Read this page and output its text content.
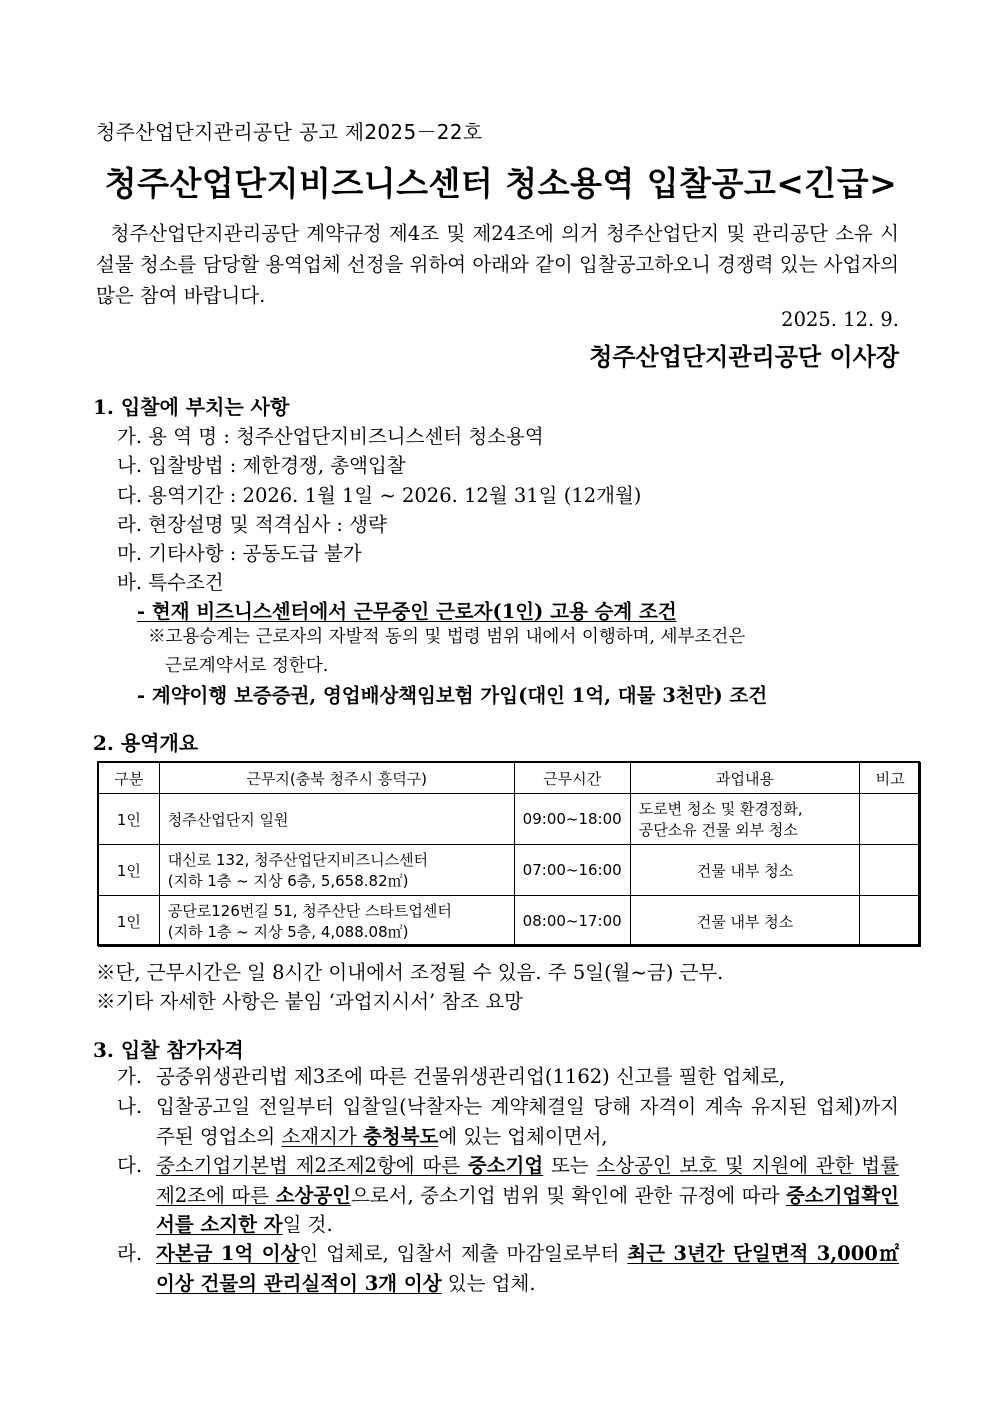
청주산업단지관리공단 공고 제2025－22호
청주산업단지비즈니스센터 청소용역 입찰공고<긴급>
청주산업단지관리공단 계약규정 제4조 및 제24조에 의거 청주산업단지 및 관리공단 소유 시설물 청소를 담당할 용역업체 선정을 위하여 아래와 같이 입찰공고하오니 경쟁력 있는 사업자의 많은 참여 바랍니다.
2025. 12. 9.
청주산업단지관리공단 이사장
1. 입찰에 부치는 사항
가. 용 역 명 : 청주산업단지비즈니스센터 청소용역
나. 입찰방법 : 제한경쟁, 총액입찰
다. 용역기간 : 2026. 1월 1일 ~ 2026. 12월 31일 (12개월)
라. 현장설명 및 적격심사 : 생략
마. 기타사항 : 공동도급 불가
바. 특수조건
- 현재 비즈니스센터에서 근무중인 근로자(1인) 고용 승계 조건
※고용승계는 근로자의 자발적 동의 및 법령 범위 내에서 이행하며, 세부조건은
근로계약서로 정한다.
- 계약이행 보증증권, 영업배상책임보험 가입(대인 1억, 대물 3천만) 조건
2. 용역개요
구분	근무지(충북 청주시 흥덕구)	근무시간	과업내용	비고
1인	청주산업단지 일원	09:00~18:00	도로변 청소 및 환경정화,
공단소유 건물 외부 청소	

1인	대신로 132, 청주산업단지비즈니스센터
(지하 1층 ~ 지상 6층, 5,658.82㎡)	07:00~16:00	건물 내부 청소	
1인	공단로126번길 51, 청주산단 스타트업센터
(지하 1층 ~ 지상 5층, 4,088.08㎡)	08:00~17:00	건물 내부 청소	
※단, 근무시간은 일 8시간 이내에서 조정될 수 있음. 주 5일(월~금) 근무.
※기타 자세한 사항은 붙임 ‘과업지시서’ 참조 요망
3. 입찰 참가자격
가. 공중위생관리법 제3조에 따른 건물위생관리업(1162) 신고를 필한 업체로,
나. 입찰공고일 전일부터 입찰일(낙찰자는 계약체결일 당해 자격이 계속 유지된 업체)까지 주된 영업소의 소재지가 충청북도에 있는 업체이면서,
다. 중소기업기본법 제2조제2항에 따른 중소기업 또는 소상공인 보호 및 지원에 관한 법률 제2조에 따른 소상공인으로서, 중소기업 범위 및 확인에 관한 규정에 따라 중소기업확인서를 소지한 자일 것.
라. 자본금 1억 이상인 업체로, 입찰서 제출 마감일로부터 최근 3년간 단일면적 3,000㎡ 이상 건물의 관리실적이 3개 이상 있는 업체.
